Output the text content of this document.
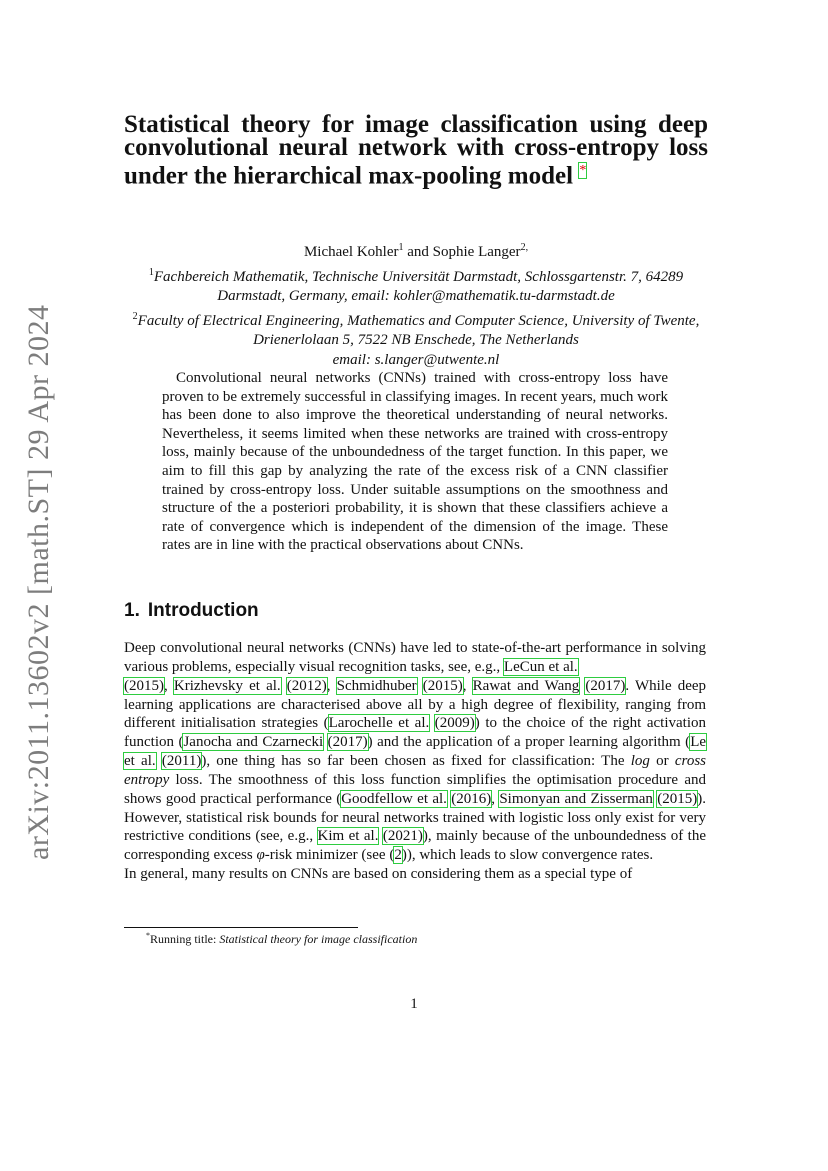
arXiv:2011.13602v2 [math.ST] 29 Apr 2024
Statistical theory for image classification using deep convolutional neural network with cross-entropy loss under the hierarchical max-pooling model *
Michael Kohler$^1$ and Sophie Langer$^{2,}$
$^1$Fachbereich Mathematik, Technische Universität Darmstadt, Schlossgartenstr. 7, 64289 Darmstadt, Germany, email: kohler@mathematik.tu-darmstadt.de
$^2$Faculty of Electrical Engineering, Mathematics and Computer Science, University of Twente, Drienerlolaan 5, 7522 NB Enschede, The Netherlands
email: s.langer@utwente.nl
Convolutional neural networks (CNNs) trained with cross-entropy loss have proven to be extremely successful in classifying images. In recent years, much work has been done to also improve the theoretical understanding of neural networks. Nevertheless, it seems limited when these networks are trained with cross-entropy loss, mainly because of the unboundedness of the target function. In this paper, we aim to fill this gap by analyzing the rate of the excess risk of a CNN classifier trained by cross-entropy loss. Under suitable assumptions on the smoothness and structure of the a posteriori probability, it is shown that these classifiers achieve a rate of convergence which is independent of the dimension of the image. These rates are in line with the practical observations about CNNs.
1. Introduction

Deep convolutional neural networks (CNNs) have led to state-of-the-art performance in solving various problems, especially visual recognition tasks, see, e.g., LeCun et al.
(2015), Krizhevsky et al. (2012), Schmidhuber (2015), Rawat and Wang (2017). While deep learning applications are characterised above all by a high degree of flexibility, ranging from different initialisation strategies (Larochelle et al. (2009)) to the choice of the right activation function (Janocha and Czarnecki (2017)) and the application of a proper learning algorithm (Le et al. (2011)), one thing has so far been chosen as fixed for classification: The log or cross entropy loss. The smoothness of this loss function simplifies the optimisation procedure and shows good practical performance (Goodfellow et al. (2016), Simonyan and Zisserman (2015)). However, statistical risk bounds for neural networks trained with logistic loss only exist for very restrictive conditions (see, e.g., Kim et al. (2021)), mainly because of the unboundedness of the corresponding excess φ-risk minimizer (see (2)), which leads to slow convergence rates.

In general, many results on CNNs are based on considering them as a special type of

*Running title: Statistical theory for image classification
1
